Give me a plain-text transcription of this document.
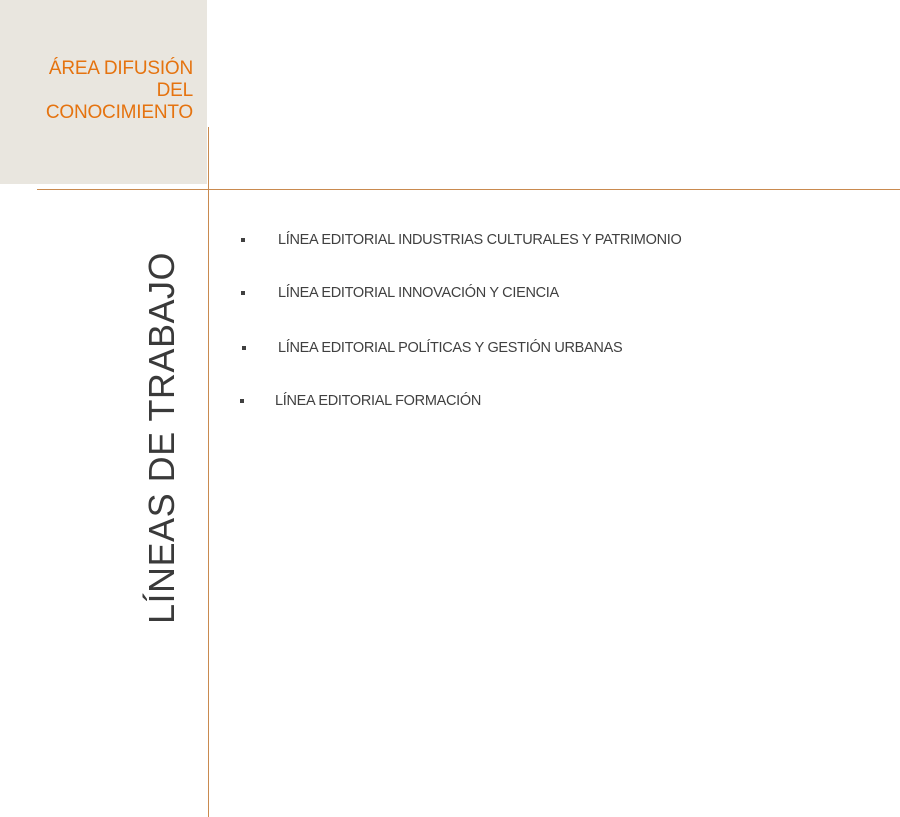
ÁREA DIFUSIÓN
DEL
CONOCIMIENTO
LÍNEAS DE TRABAJO
LÍNEA EDITORIAL INDUSTRIAS CULTURALES Y PATRIMONIO
LÍNEA EDITORIAL INNOVACIÓN Y CIENCIA
LÍNEA EDITORIAL POLÍTICAS Y GESTIÓN URBANAS
LÍNEA EDITORIAL FORMACIÓN
